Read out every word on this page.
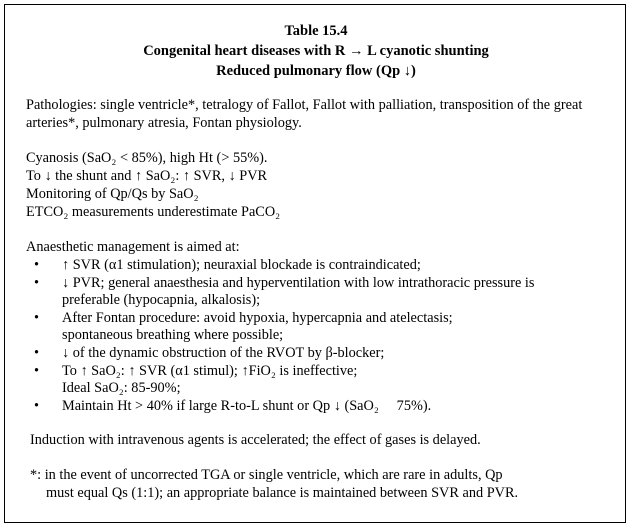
Table 15.4
Congenital heart diseases with R → L cyanotic shunting
Reduced pulmonary flow (Qp ↓)
Pathologies: single ventricle*, tetralogy of Fallot, Fallot with palliation, transposition of the great
arteries*, pulmonary atresia, Fontan physiology.
Cyanosis (SaO₂ < 85%), high Ht (> 55%).
To ↓ the shunt and ↑ SaO₂: ↑ SVR, ↓ PVR
Monitoring of Qp/Qs by SaO₂
ETCO₂ measurements underestimate PaCO₂
Anaesthetic management is aimed at:
• ↑ SVR (α1 stimulation); neuraxial blockade is contraindicated;
• ↓ PVR; general anaesthesia and hyperventilation with low intrathoracic pressure is
preferable (hypocapnia, alkalosis);
• After Fontan procedure: avoid hypoxia, hypercapnia and atelectasis;
spontaneous breathing where possible;
• ↓ of the dynamic obstruction of the RVOT by β-blocker;
• To ↑ SaO₂: ↑ SVR (α1 stimul); ↑FiO₂ is ineffective;
Ideal SaO₂: 85-90%;
• Maintain Ht > 40% if large R-to-L shunt or Qp ↓ (SaO₂     75%).
Induction with intravenous agents is accelerated; the effect of gases is delayed.
*: in the event of uncorrected TGA or single ventricle, which are rare in adults, Qp
must equal Qs (1:1); an appropriate balance is maintained between SVR and PVR.
